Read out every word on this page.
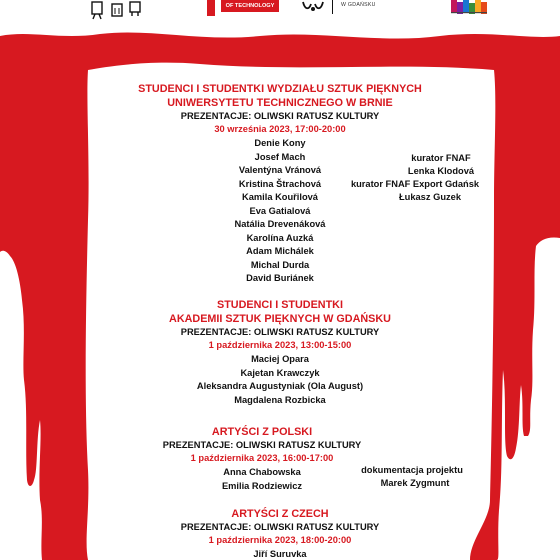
OF TECHNOLOGY	W GDAŃSKU
STUDENCI I STUDENTKI WYDZIAŁU SZTUK PIĘKNYCH
UNIWERSYTETU TECHNICZNEGO W BRNIE
PREZENTACJE: OLIWSKI RATUSZ KULTURY
30 września 2023, 17:00-20:00
Denie Kony
Josef Mach
Valentýna Vránová
Kristina Štrachová
Kamila Kouřilová
Eva Gatialová
Natália Drevenáková
Karolína Auzká
Adam Michálek
Michal Durda
David Buriánek
STUDENCI I STUDENTKI
AKADEMII SZTUK PIĘKNYCH W GDAŃSKU
PREZENTACJE: OLIWSKI RATUSZ KULTURY
1 października 2023, 13:00-15:00
Maciej Opara
Kajetan Krawczyk
Aleksandra Augustyniak (Ola August)
Magdalena Rozbicka
ARTYŚCI Z POLSKI
PREZENTACJE: OLIWSKI RATUSZ KULTURY
1 października 2023, 16:00-17:00
Anna Chabowska
Emilia Rodziewicz
ARTYŚCI Z CZECH
PREZENTACJE: OLIWSKI RATUSZ KULTURY
1 października 2023, 18:00-20:00
Jiří Suruvka
kurator FNAF
Lenka Klodová
kurator FNAF Export Gdańsk
Łukasz Guzek
dokumentacja projektu
Marek Zygmunt
